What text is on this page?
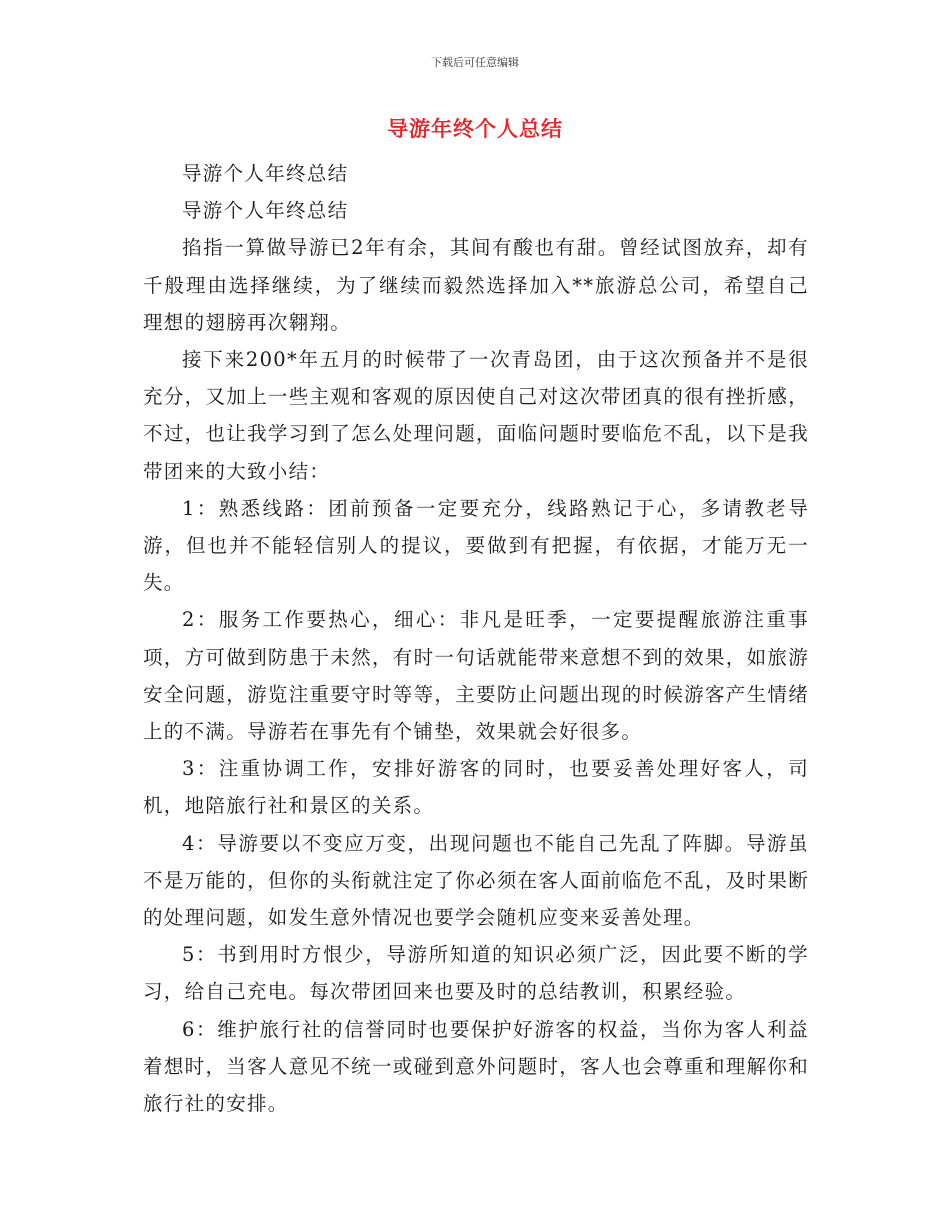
下载后可任意编辑
导游年终个人总结

导游个人年终总结

导游个人年终总结

掐指一算做导游已2年有余，其间有酸也有甜。曾经试图放弃，却有千般理由选择继续，为了继续而毅然选择加入**旅游总公司，希望自己理想的翅膀再次翱翔。

接下来200*年五月的时候带了一次青岛团，由于这次预备并不是很充分，又加上一些主观和客观的原因使自己对这次带团真的很有挫折感，不过，也让我学习到了怎么处理问题，面临问题时要临危不乱，以下是我带团来的大致小结：

1：熟悉线路：团前预备一定要充分，线路熟记于心，多请教老导游，但也并不能轻信别人的提议，要做到有把握，有依据，才能万无一失。

2：服务工作要热心，细心：非凡是旺季，一定要提醒旅游注重事项，方可做到防患于未然，有时一句话就能带来意想不到的效果，如旅游安全问题，游览注重要守时等等，主要防止问题出现的时候游客产生情绪上的不满。导游若在事先有个铺垫，效果就会好很多。

3：注重协调工作，安排好游客的同时，也要妥善处理好客人，司机，地陪旅行社和景区的关系。

4：导游要以不变应万变，出现问题也不能自己先乱了阵脚。导游虽不是万能的，但你的头衔就注定了你必须在客人面前临危不乱，及时果断的处理问题，如发生意外情况也要学会随机应变来妥善处理。

5：书到用时方恨少，导游所知道的知识必须广泛，因此要不断的学习，给自己充电。每次带团回来也要及时的总结教训，积累经验。

6：维护旅行社的信誉同时也要保护好游客的权益，当你为客人利益着想时，当客人意见不统一或碰到意外问题时，客人也会尊重和理解你和旅行社的安排。
